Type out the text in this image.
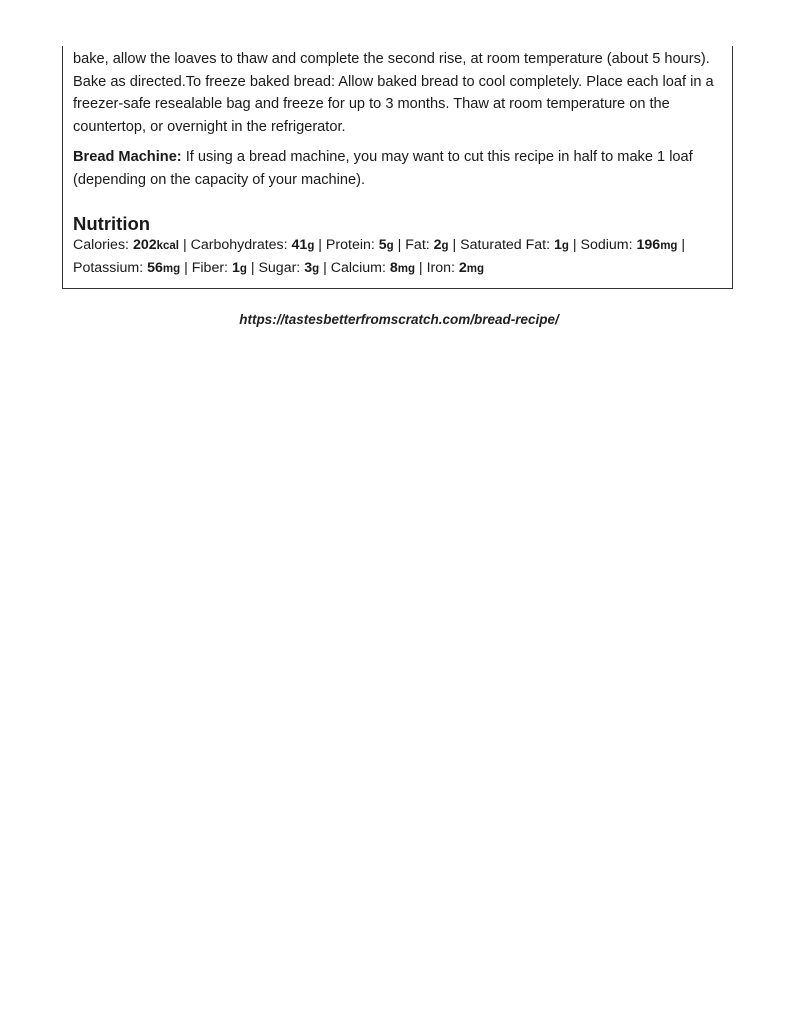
bake, allow the loaves to thaw and complete the second rise, at room temperature (about 5 hours). Bake as directed.To freeze baked bread: Allow baked bread to cool completely. Place each loaf in a freezer-safe resealable bag and freeze for up to 3 months. Thaw at room temperature on the countertop, or overnight in the refrigerator.

Bread Machine: If using a bread machine, you may want to cut this recipe in half to make 1 loaf (depending on the capacity of your machine).

Nutrition

Calories: 202kcal | Carbohydrates: 41g | Protein: 5g | Fat: 2g | Saturated Fat: 1g | Sodium: 196mg |

Potassium: 56mg | Fiber: 1g | Sugar: 3g | Calcium: 8mg | Iron: 2mg

https://tastesbetterfromscratch.com/bread-recipe/
